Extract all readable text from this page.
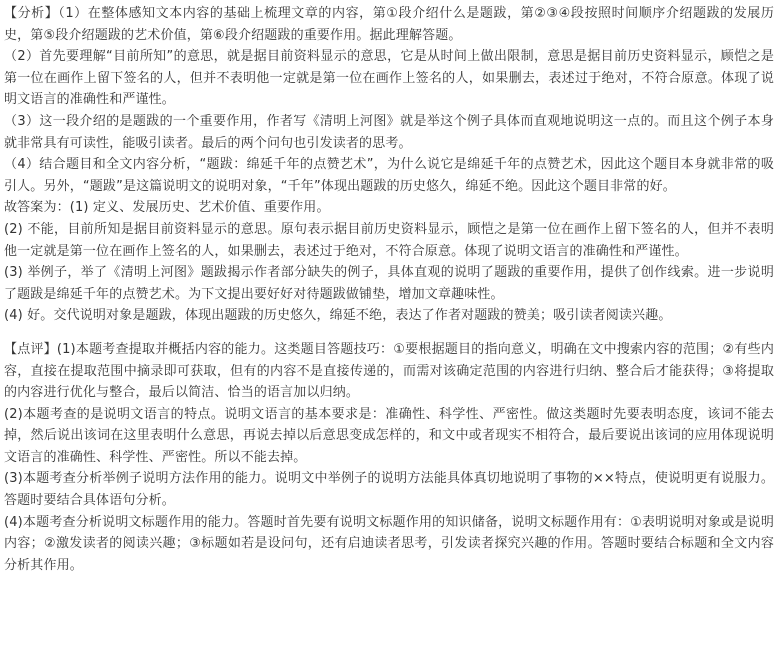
【分析】（1）在整体感知文本内容的基础上梳理文章的内容，第①段介绍什么是题跋，第②③④段按照时间顺序介绍题跋的发展历史，第⑤段介绍题跋的艺术价值，第⑥段介绍题跋的重要作用。据此理解答题。

（2）首先要理解“目前所知”的意思，就是据目前资料显示的意思，它是从时间上做出限制，意思是据目前历史资料显示，顾恺之是第一位在画作上留下签名的人，但并不表明他一定就是第一位在画作上签名的人，如果删去，表述过于绝对，不符合原意。体现了说明文语言的准确性和严谨性。

（3）这一段介绍的是题跋的一个重要作用，作者写《清明上河图》就是举这个例子具体而直观地说明这一点的。而且这个例子本身就非常具有可读性，能吸引读者。最后的两个问句也引发读者的思考。

（4）结合题目和全文内容分析，“题跋：绵延千年的点赞艺术”，为什么说它是绵延千年的点赞艺术，因此这个题目本身就非常的吸引人。另外，“题跋”是这篇说明文的说明对象，“千年”体现出题跋的历史悠久，绵延不绝。因此这个题目非常的好。

故答案为：(1) 定义、发展历史、艺术价值、重要作用。

(2) 不能，目前所知是据目前资料显示的意思。原句表示据目前历史资料显示，顾恺之是第一位在画作上留下签名的人，但并不表明他一定就是第一位在画作上签名的人，如果删去，表述过于绝对，不符合原意。体现了说明文语言的准确性和严谨性。

(3) 举例子，举了《清明上河图》题跋揭示作者部分缺失的例子，具体直观的说明了题跋的重要作用，提供了创作线索。进一步说明了题跋是绵延千年的点赞艺术。为下文提出要好好对待题跋做铺垫，增加文章趣味性。

(4) 好。交代说明对象是题跋，体现出题跋的历史悠久，绵延不绝，表达了作者对题跋的赞美；吸引读者阅读兴趣。

【点评】(1)本题考查提取并概括内容的能力。这类题目答题技巧：①要根据题目的指向意义，明确在文中搜索内容的范围；②有些内容，直接在提取范围中摘录即可获取，但有的内容不是直接传递的，而需对该确定范围的内容进行归纳、整合后才能获得；③将提取的内容进行优化与整合，最后以简洁、恰当的语言加以归纳。

(2)本题考查的是说明文语言的特点。说明文语言的基本要求是：准确性、科学性、严密性。做这类题时先要表明态度，该词不能去掉，然后说出该词在这里表明什么意思，再说去掉以后意思变成怎样的，和文中或者现实不相符合，最后要说出该词的应用体现说明文语言的准确性、科学性、严密性。所以不能去掉。

(3)本题考查分析举例子说明方法作用的能力。说明文中举例子的说明方法能具体真切地说明了事物的××特点，使说明更有说服力。答题时要结合具体语句分析。

(4)本题考查分析说明文标题作用的能力。答题时首先要有说明文标题作用的知识储备，说明文标题作用有：①表明说明对象或是说明内容；②激发读者的阅读兴趣；③标题如若是设问句，还有启迪读者思考，引发读者探究兴趣的作用。答题时要结合标题和全文内容分析其作用。
